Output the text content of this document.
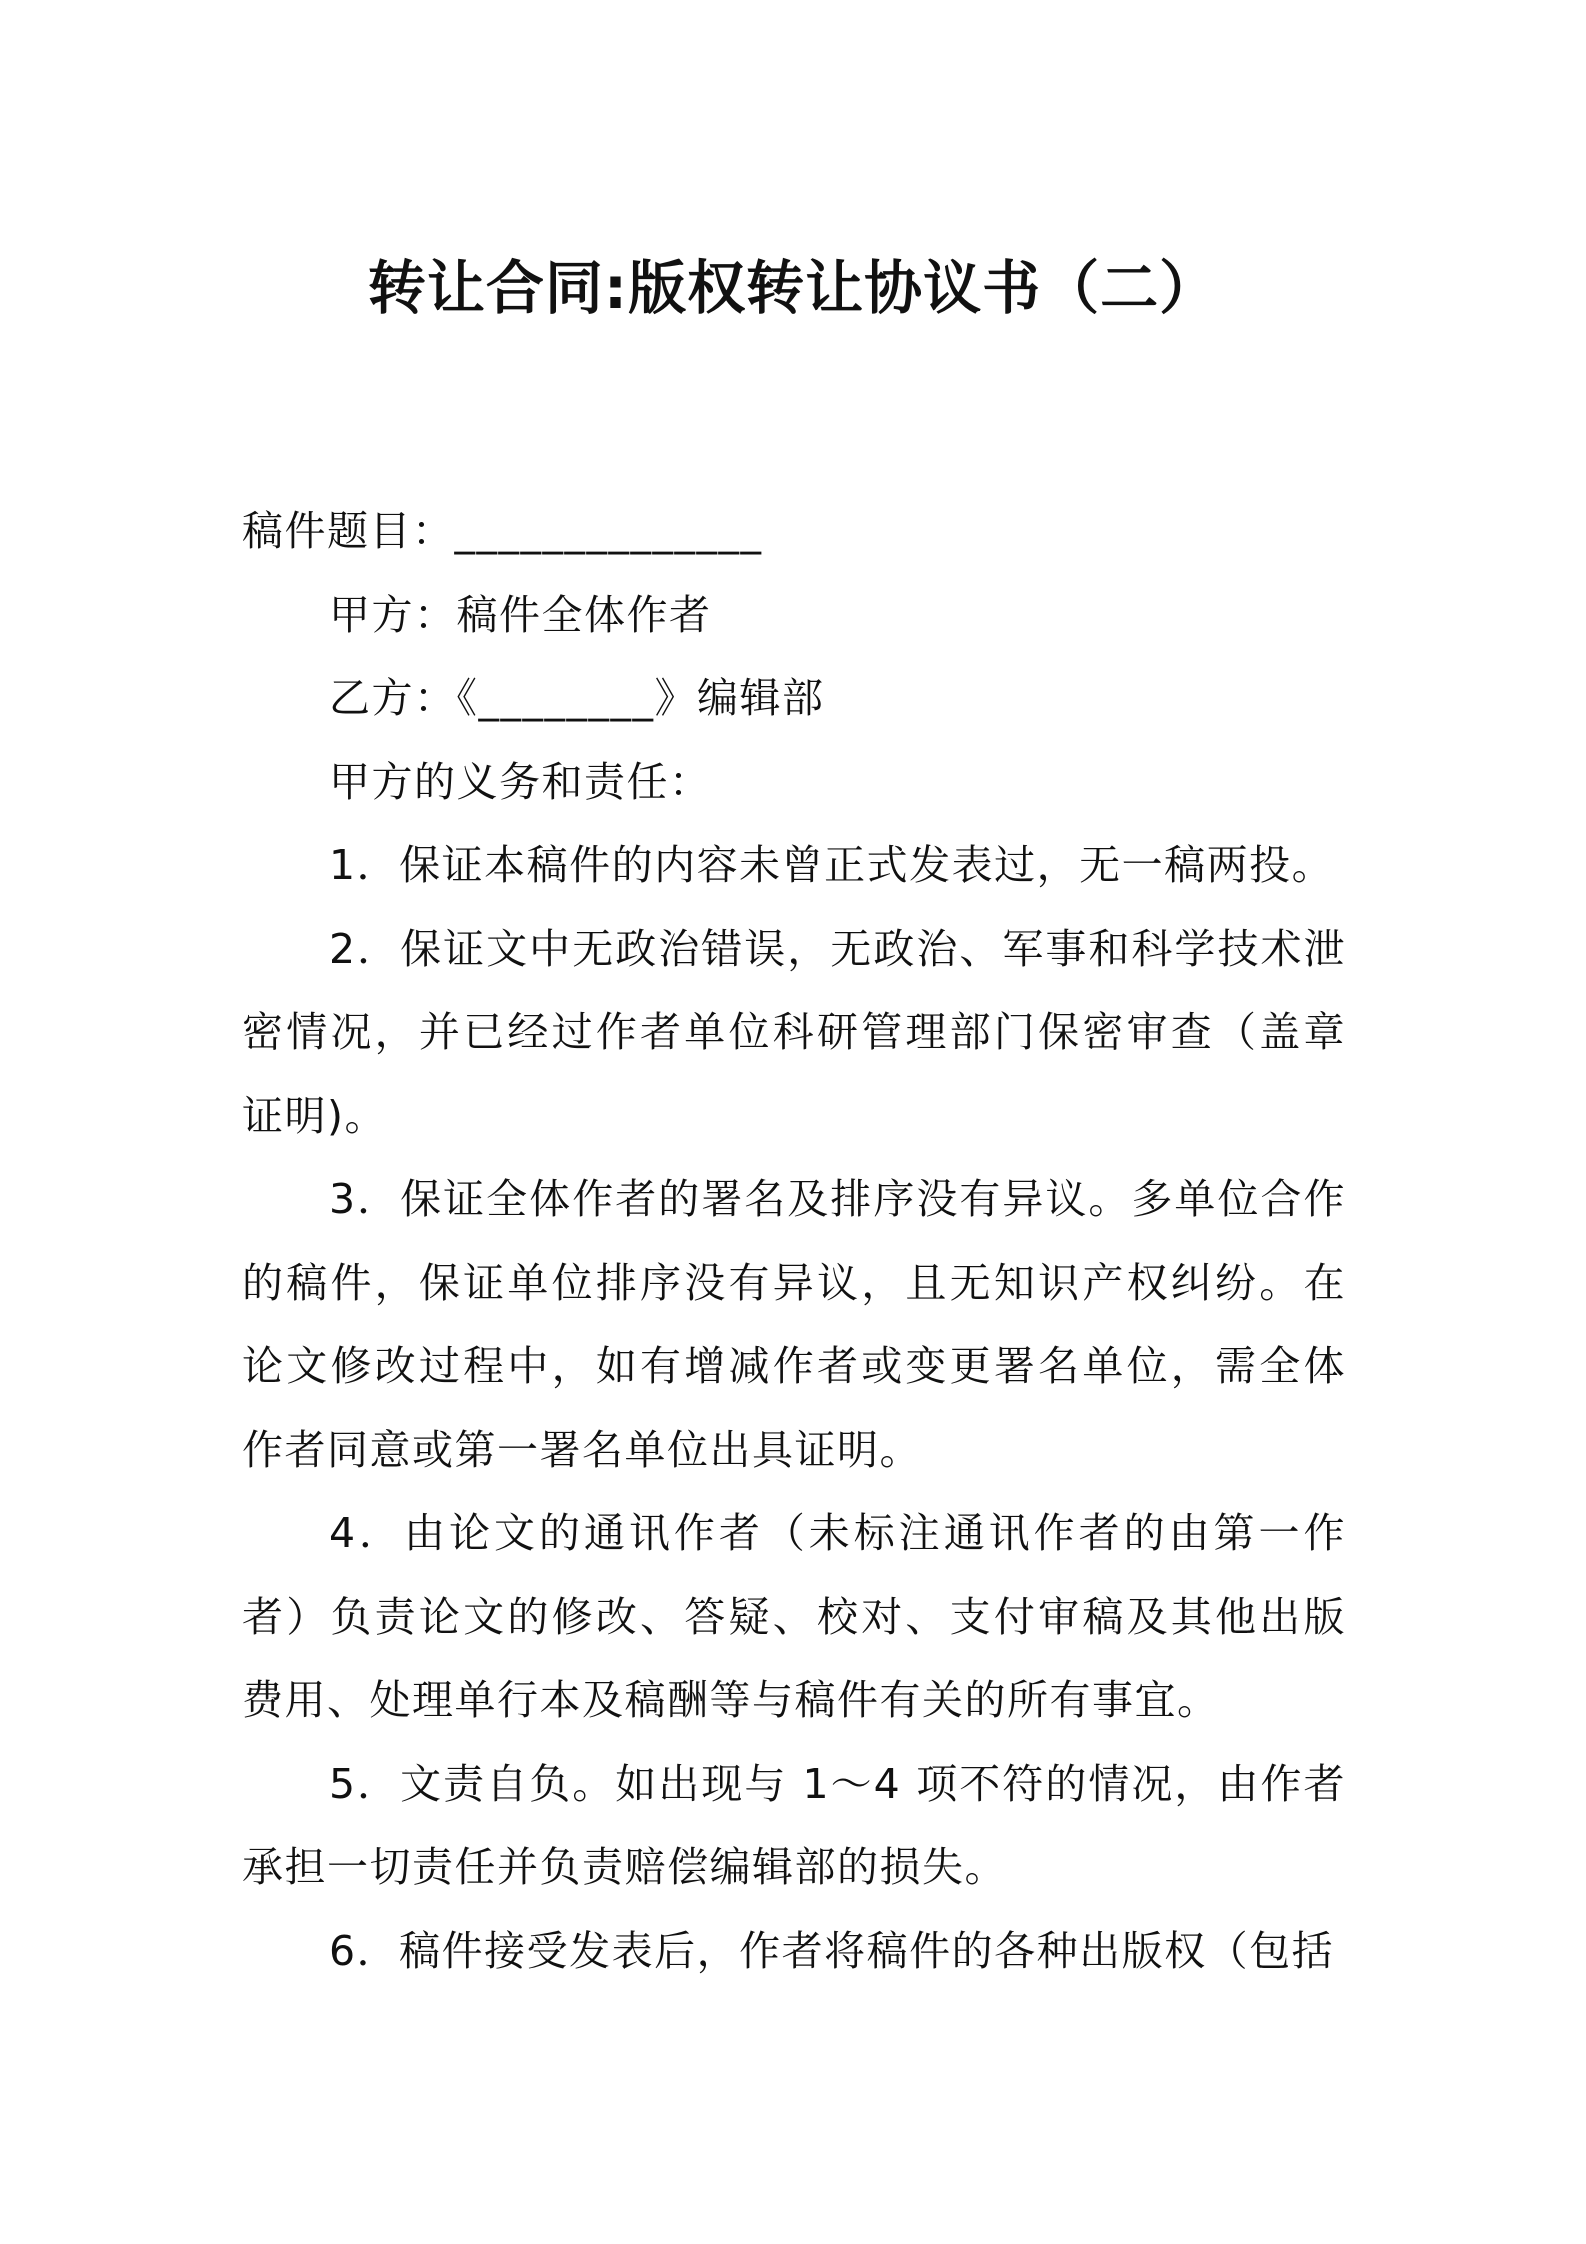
转让合同:版权转让协议书（二）

稿件题目：______________

甲方：稿件全体作者

乙方：《________》编辑部

甲方的义务和责任：

1．保证本稿件的内容未曾正式发表过，无一稿两投。

2．保证文中无政治错误，无政治、军事和科学技术泄密情况，并已经过作者单位科研管理部门保密审查（盖章证明)。

3．保证全体作者的署名及排序没有异议。多单位合作的稿件，保证单位排序没有异议，且无知识产权纠纷。在论文修改过程中，如有增减作者或变更署名单位，需全体作者同意或第一署名单位出具证明。

4．由论文的通讯作者（未标注通讯作者的由第一作者）负责论文的修改、答疑、校对、支付审稿及其他出版费用、处理单行本及稿酬等与稿件有关的所有事宜。

5．文责自负。如出现与 1～4 项不符的情况，由作者承担一切责任并负责赔偿编辑部的损失。

6．稿件接受发表后，作者将稿件的各种出版权（包括
